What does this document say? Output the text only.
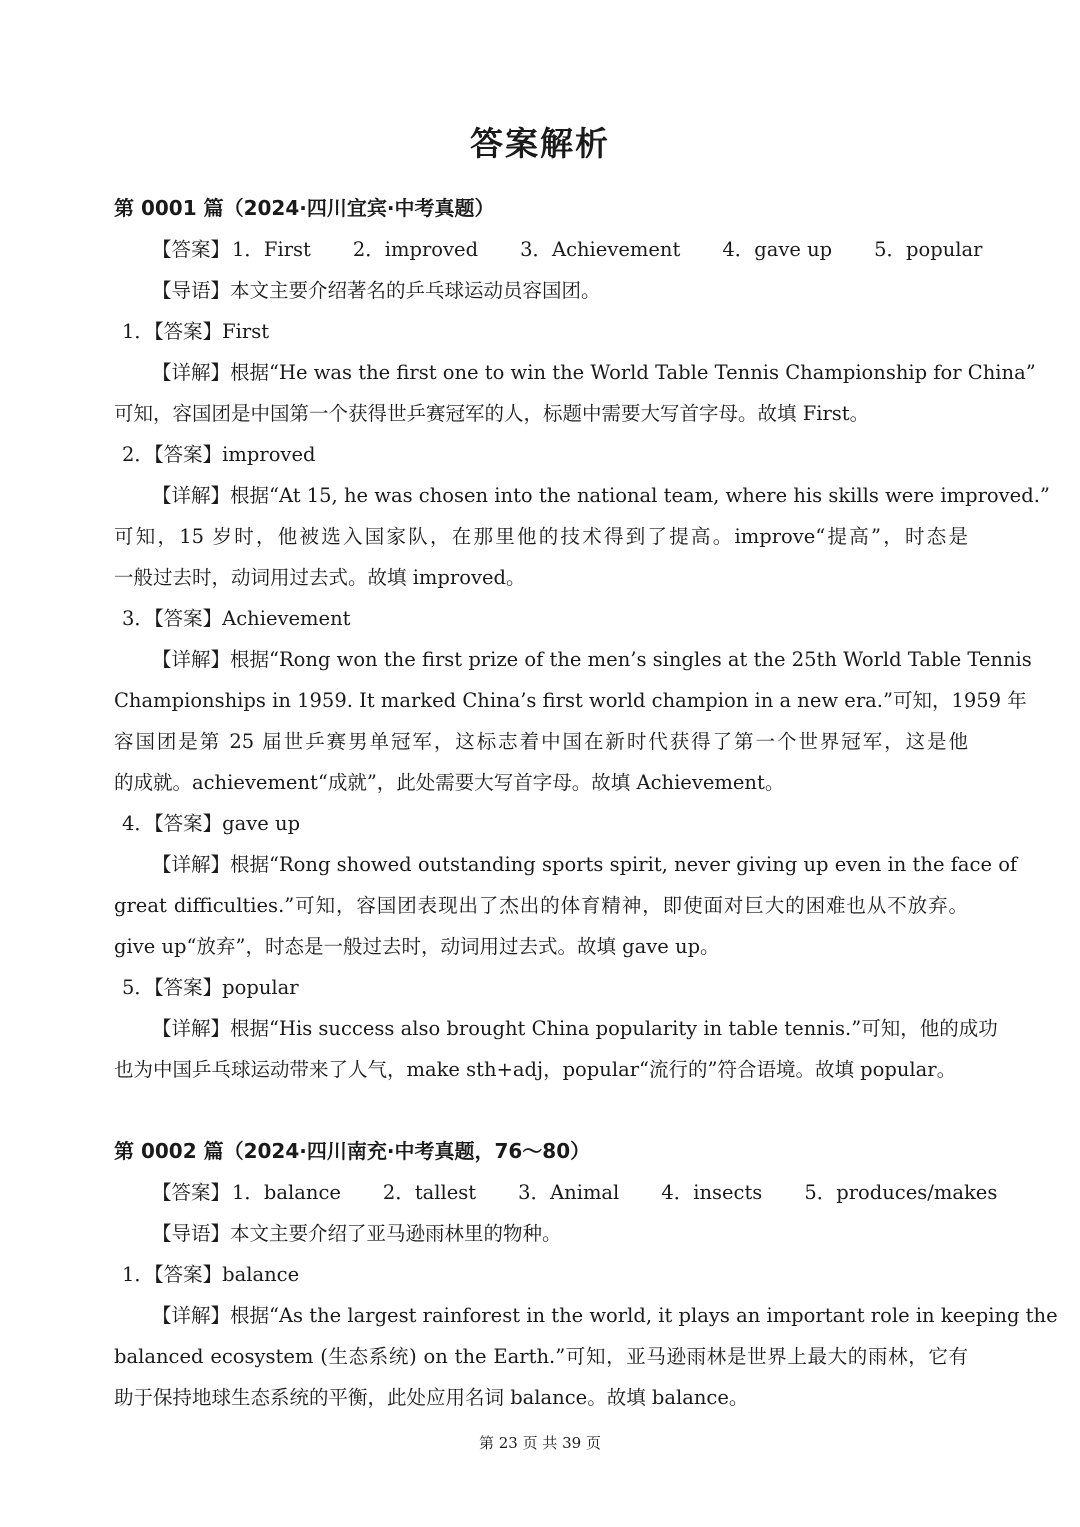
答案解析
第 0001 篇（2024·四川宜宾·中考真题）
【答案】 1．First 2．improved 3．Achievement 4．gave up 5．popular
【导语】本文主要介绍著名的乒乓球运动员容国团。
1．【答案】First
【详解】根据“He was the first one to win the World Table Tennis Championship for China”
可知，容国团是中国第一个获得世乒赛冠军的人，标题中需要大写首字母。故填 First。
2．【答案】improved
【详解】根据“At 15, he was chosen into the national team, where his skills were improved.”
可知，15 岁时，他被选入国家队，在那里他的技术得到了提高。improve“提高”，时态是
一般过去时，动词用过去式。故填 improved。
3．【答案】Achievement
【详解】根据“Rong won the first prize of the men’s singles at the 25th World Table Tennis
Championships in 1959. It marked China’s first world champion in a new era.”可知，1959 年
容国团是第 25 届世乒赛男单冠军，这标志着中国在新时代获得了第一个世界冠军，这是他
的成就。achievement“成就”，此处需要大写首字母。故填 Achievement。
4．【答案】gave up
【详解】根据“Rong showed outstanding sports spirit, never giving up even in the face of
great difficulties.”可知，容国团表现出了杰出的体育精神，即使面对巨大的困难也从不放弃。
give up“放弃”，时态是一般过去时，动词用过去式。故填 gave up。
5．【答案】popular
【详解】根据“His success also brought China popularity in table tennis.”可知，他的成功
也为中国乒乓球运动带来了人气，make sth+adj，popular“流行的”符合语境。故填 popular。
第 0002 篇（2024·四川南充·中考真题，76～80）
【答案】 1．balance 2．tallest 3．Animal 4．insects 5．produces/makes
【导语】本文主要介绍了亚马逊雨林里的物种。
1．【答案】balance
【详解】根据“As the largest rainforest in the world, it plays an important role in keeping the
balanced ecosystem (生态系统) on the Earth.”可知，亚马逊雨林是世界上最大的雨林，它有
助于保持地球生态系统的平衡，此处应用名词 balance。故填 balance。
第 23 页 共 39 页
